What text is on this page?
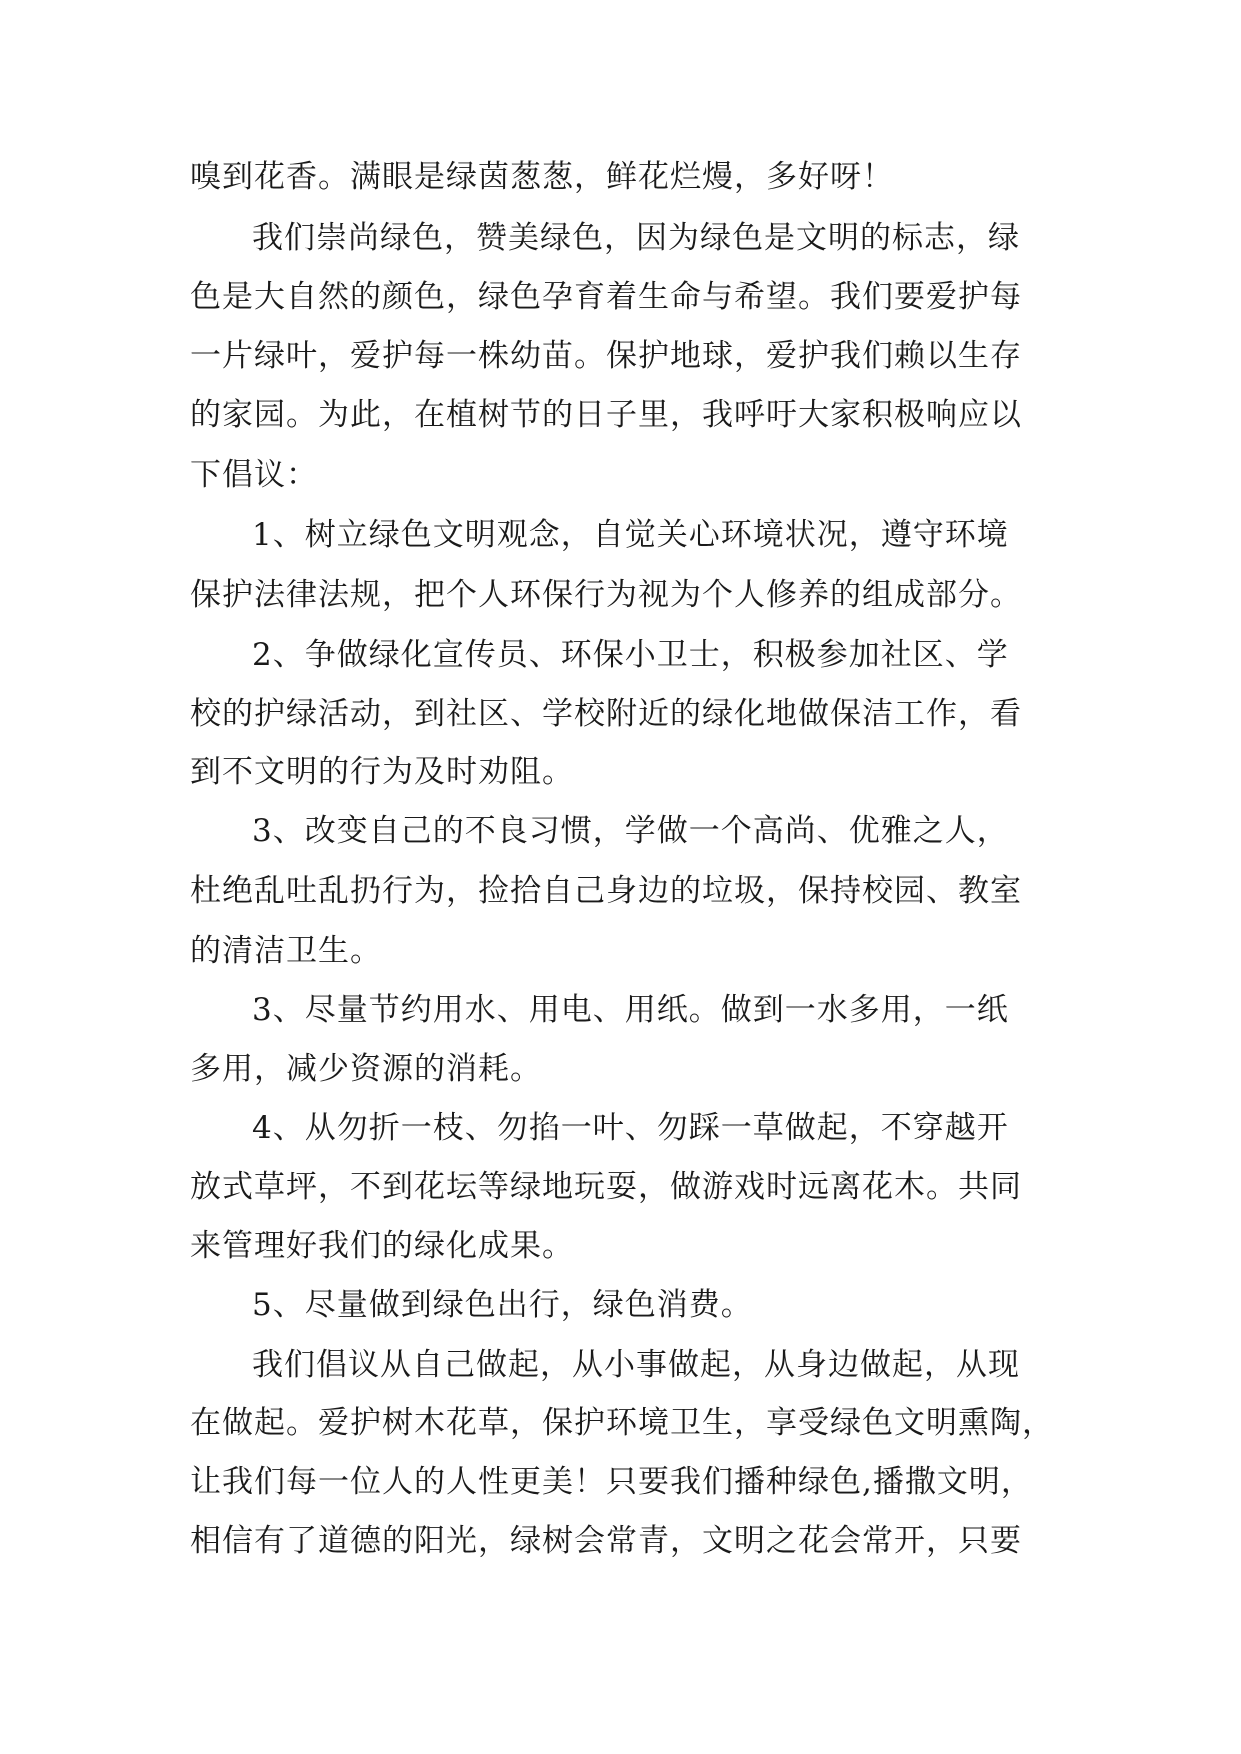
嗅到花香。满眼是绿茵葱葱，鲜花烂熳，多好呀！
我们崇尚绿色，赞美绿色，因为绿色是文明的标志，绿
色是大自然的颜色，绿色孕育着生命与希望。我们要爱护每
一片绿叶，爱护每一株幼苗。保护地球，爱护我们赖以生存
的家园。为此，在植树节的日子里，我呼吁大家积极响应以
下倡议：
1、树立绿色文明观念，自觉关心环境状况，遵守环境
保护法律法规，把个人环保行为视为个人修养的组成部分。
2、争做绿化宣传员、环保小卫士，积极参加社区、学
校的护绿活动，到社区、学校附近的绿化地做保洁工作，看
到不文明的行为及时劝阻。
3、改变自己的不良习惯，学做一个高尚、优雅之人，
杜绝乱吐乱扔行为，捡拾自己身边的垃圾，保持校园、教室
的清洁卫生。
3、尽量节约用水、用电、用纸。做到一水多用，一纸
多用，减少资源的消耗。
4、从勿折一枝、勿掐一叶、勿踩一草做起，不穿越开
放式草坪，不到花坛等绿地玩耍，做游戏时远离花木。共同
来管理好我们的绿化成果。
5、尽量做到绿色出行，绿色消费。
我们倡议从自己做起，从小事做起，从身边做起，从现
在做起。爱护树木花草，保护环境卫生，享受绿色文明熏陶，
让我们每一位人的人性更美！只要我们播种绿色,播撒文明，
相信有了道德的阳光，绿树会常青，文明之花会常开，只要
